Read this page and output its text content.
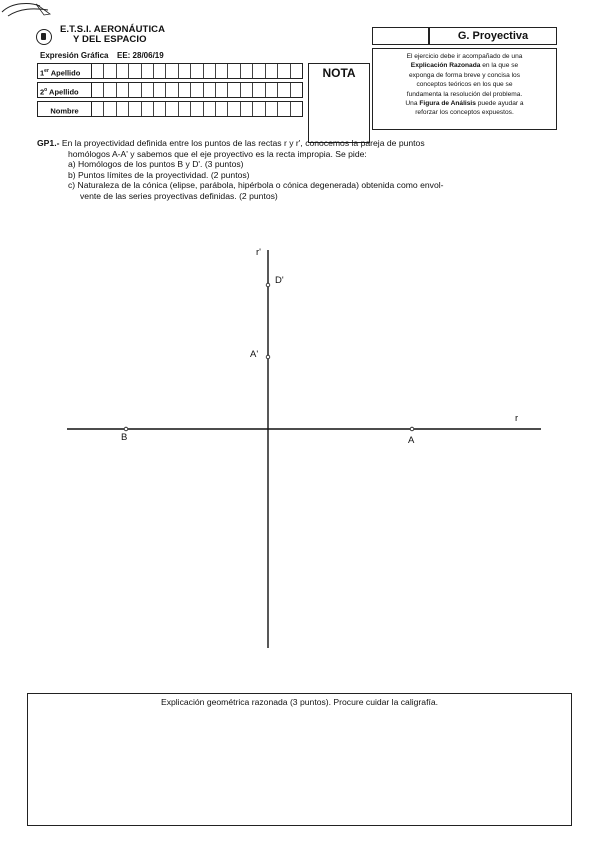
E.T.S.I. AERONÁUTICA
Y DEL ESPACIO
Expresión Gráfica EE: 28/06/19
1er Apellido
2$^o$ Apellido
Nombre
NOTA
G. Proyectiva
El ejercicio debe ir acompañado de una
Explicación Razonada en la que se
exponga de forma breve y concisa los
conceptos teóricos en los que se
fundamenta la resolución del problema.
Una Figura de Análisis puede ayudar a
reforzar los conceptos expuestos.
GP1.- En la proyectividad definida entre los puntos de las rectas r y r', conocemos la pareja de puntos
homólogos A-A' y sabemos que el eje proyectivo es la recta impropia. Se pide:
a) Homólogos de los puntos B y D'. (3 puntos)
b) Puntos límites de la proyectividad. (2 puntos)
c) Naturaleza de la cónica (elipse, parábola, hipérbola o cónica degenerada) obtenida como envol-
vente de las series proyectivas definidas. (2 puntos)
r'
D'
A'
r
B	A
Explicación geométrica razonada (3 puntos). Procure cuidar la caligrafía.
